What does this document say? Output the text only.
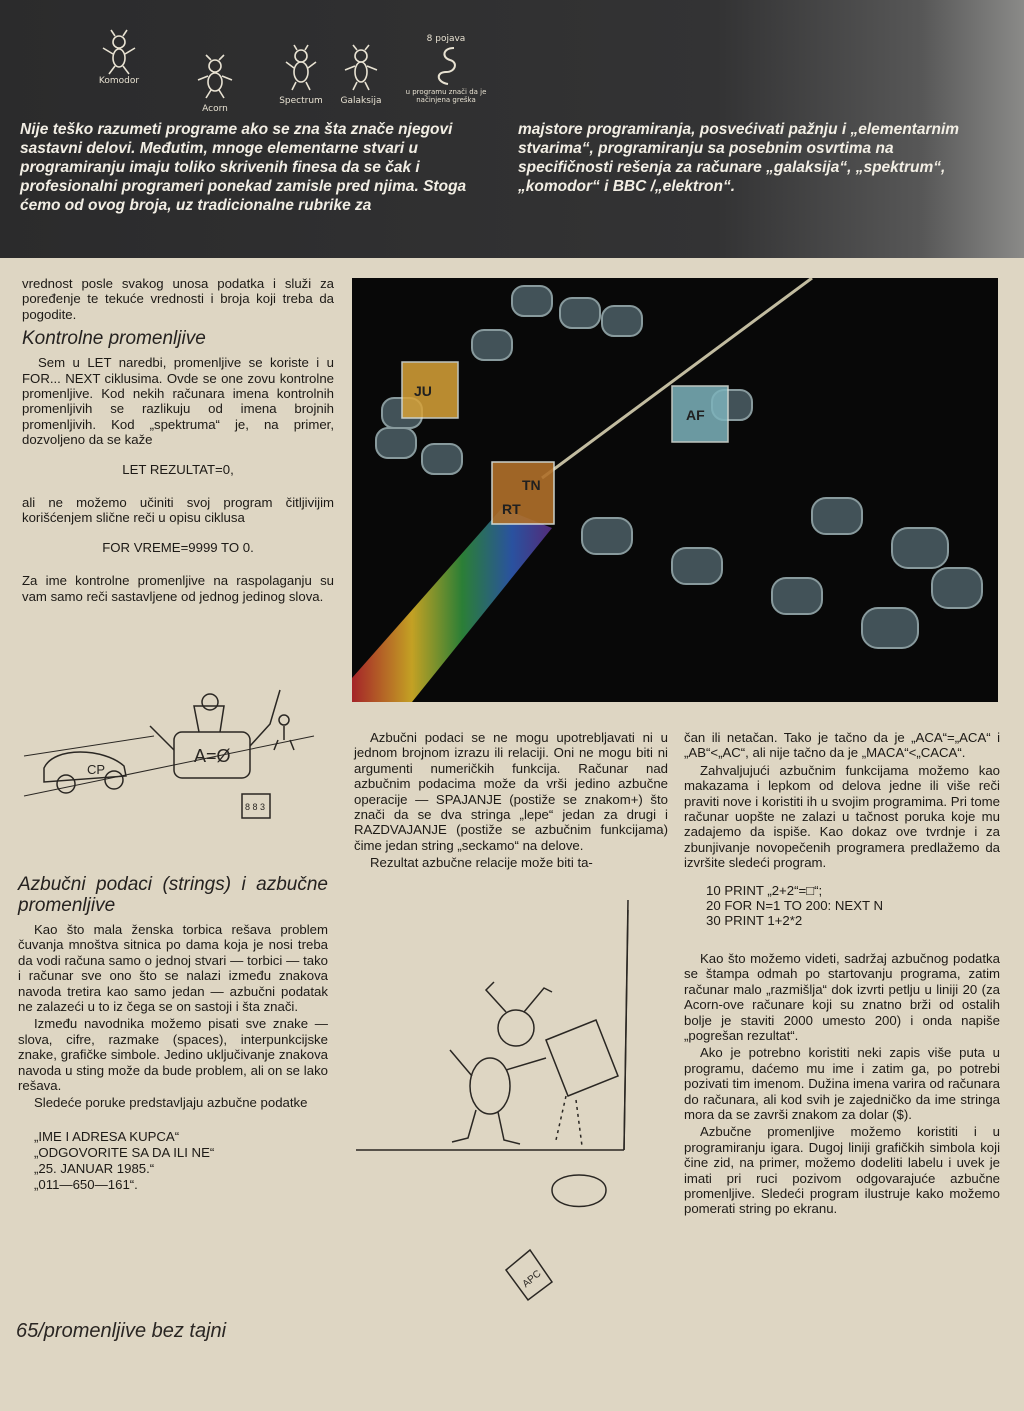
Komodor
Acorn
Spectrum	Galaksija
8 pojava
u programu znači da je načinjena greška

Nije teško razumeti programe ako se zna šta znače njegovi sastavni delovi. Međutim, mnoge elementarne stvari u programiranju imaju toliko skrivenih finesa da se čak i profesionalni programeri ponekad zamisle pred njima. Stoga ćemo od ovog broja, uz tradicionalne rubrike za

majstore programiranja, posvećivati pažnju i „elementarnim stvarima“, programiranju sa posebnim osvrtima na specifičnosti rešenja za računare „galaksija“, „spektrum“, „komodor“ i BBC /„elektron“.

vrednost posle svakog unosa podatka i služi za poređenje te tekuće vrednosti i broja koji treba da pogodite.

Kontrolne promenljive

Sem u LET naredbi, promenljive se koriste i u FOR... NEXT ciklusima. Ovde se one zovu kontrolne promenljive. Kod nekih računara imena kontrolnih promenljivih se razlikuju od imena brojnih promenljivih. Kod „spektruma“ je, na primer, dozvoljeno da se kaže

LET REZULTAT=0,

ali ne možemo učiniti svoj program čitljivijim korišćenjem slične reči u opisu ciklusa

FOR VREME=9999 TO 0.

Za ime kontrolne promenljive na raspolaganju su vam samo reči sastavljene od jednog jedinog slova.

CP
A=Ø
8 8 3
Azbučni podaci (strings) i azbučne promenljive

Kao što mala ženska torbica rešava problem čuvanja mnoštva sitnica po dama koja je nosi treba da vodi računa samo o jednoj stvari — torbici — tako i računar sve ono što se nalazi između znakova navoda tretira kao samo jedan — azbučni podatak ne zalazeći u to iz čega se on sastoji i šta znači.

Između navodnika možemo pisati sve znake — slova, cifre, razmake (spaces), interpunkcijske znake, grafičke simbole. Jedino uključivanje znakova navoda u sting može da bude problem, ali on se lako rešava.

Sledeće poruke predstavljaju azbučne podatke

„IME I ADRESA KUPCA“
„ODGOVORITE SA DA ILI NE“
„25. JANUAR 1985.“
„011—650—161“.
JU
AF
TN
RT

Azbučni podaci se ne mogu upotrebljavati ni u jednom brojnom izrazu ili relaciji. Oni ne mogu biti ni argumenti numeričkih funkcija. Računar nad azbučnim podacima može da vrši jedino azbučne operacije — SPAJANJE (postiže se znakom+) što znači da se dva stringa „lepe“ jedan za drugi i RAZDVAJANJE (postiže se azbučnim funkcijama) čime jedan string „seckamo“ na delove.

Rezultat azbučne relacije može biti ta-

APC

čan ili netačan. Tako je tačno da je „ACA“=„ACA“ i „AB“<„AC“, ali nije tačno da je „MACA“<„CACA“.

Zahvaljujući azbučnim funkcijama možemo kao makazama i lepkom od delova jedne ili više reči praviti nove i koristiti ih u svojim programima. Pri tome računar uopšte ne zalazi u tačnost poruka koje mu zadajemo da ispiše. Kao dokaz ove tvrdnje i za zbunjivanje novopečenih programera predlažemo da izvršite sledeći program.

10 PRINT „2+2“=□“;
20 FOR N=1 TO 200: NEXT N
30 PRINT 1+2*2

Kao što možemo videti, sadržaj azbučnog podatka se štampa odmah po startovanju programa, zatim računar malo „razmišlja“ dok izvrti petlju u liniji 20 (za Acorn-ove računare koji su znatno brži od ostalih bolje je staviti 2000 umesto 200) i onda napiše „pogrešan rezultat“.

Ako je potrebno koristiti neki zapis više puta u programu, daćemo mu ime i zatim ga, po potrebi pozivati tim imenom. Dužina imena varira od računara do računara, ali kod svih je zajedničko da ime stringa mora da se završi znakom za dolar ($).

Azbučne promenljive možemo koristiti i u programiranju igara. Dugoj liniji grafičkih simbola koji čine zid, na primer, možemo dodeliti labelu i uvek je imati pri ruci pozivom odgovarajuće azbučne promenljive. Sledeći program ilustruje kako možemo pomerati string po ekranu.

65/promenljive bez tajni
